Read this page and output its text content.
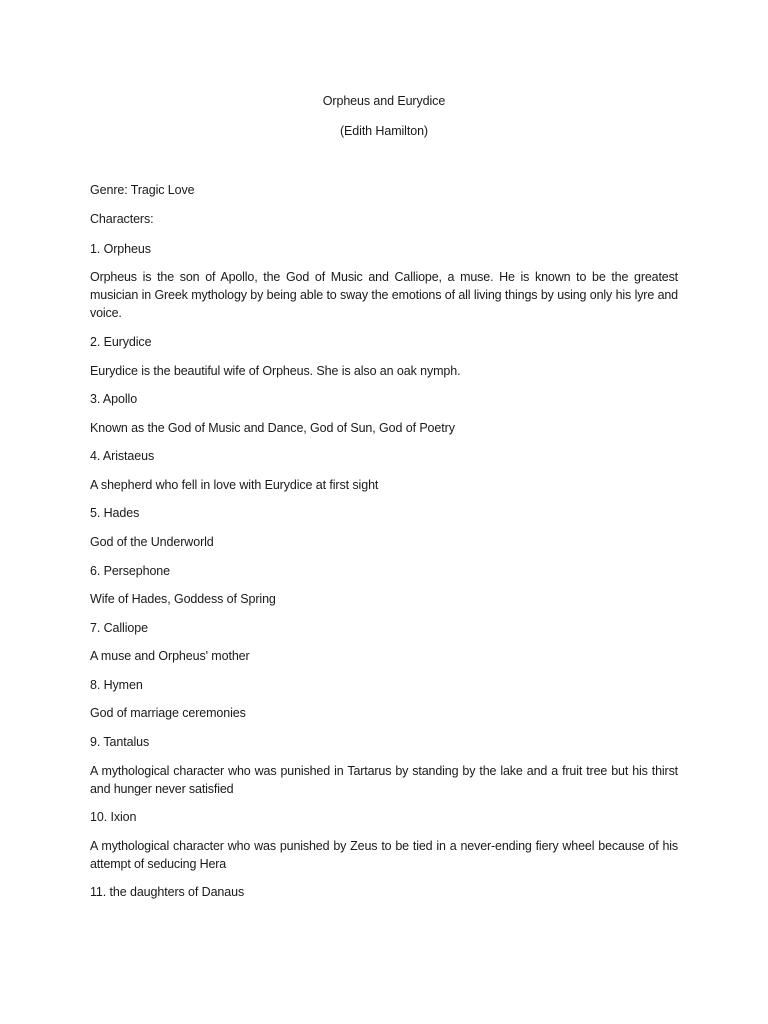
Orpheus and Eurydice
(Edith Hamilton)
Genre: Tragic Love
Characters:
1. Orpheus
Orpheus is the son of Apollo, the God of Music and Calliope, a muse. He is known to be the greatest musician in Greek mythology by being able to sway the emotions of all living things by using only his lyre and voice.
2. Eurydice
Eurydice is the beautiful wife of Orpheus. She is also an oak nymph.
3. Apollo
Known as the God of Music and Dance, God of Sun, God of Poetry
4. Aristaeus
A shepherd who fell in love with Eurydice at first sight
5. Hades
God of the Underworld
6. Persephone
Wife of Hades, Goddess of Spring
7. Calliope
A muse and Orpheus' mother
8. Hymen
God of marriage ceremonies
9. Tantalus
A mythological character who was punished in Tartarus by standing by the lake and a fruit tree but his thirst and hunger never satisfied
10. Ixion
A mythological character who was punished by Zeus to be tied in a never-ending fiery wheel because of his attempt of seducing Hera
11. the daughters of Danaus
